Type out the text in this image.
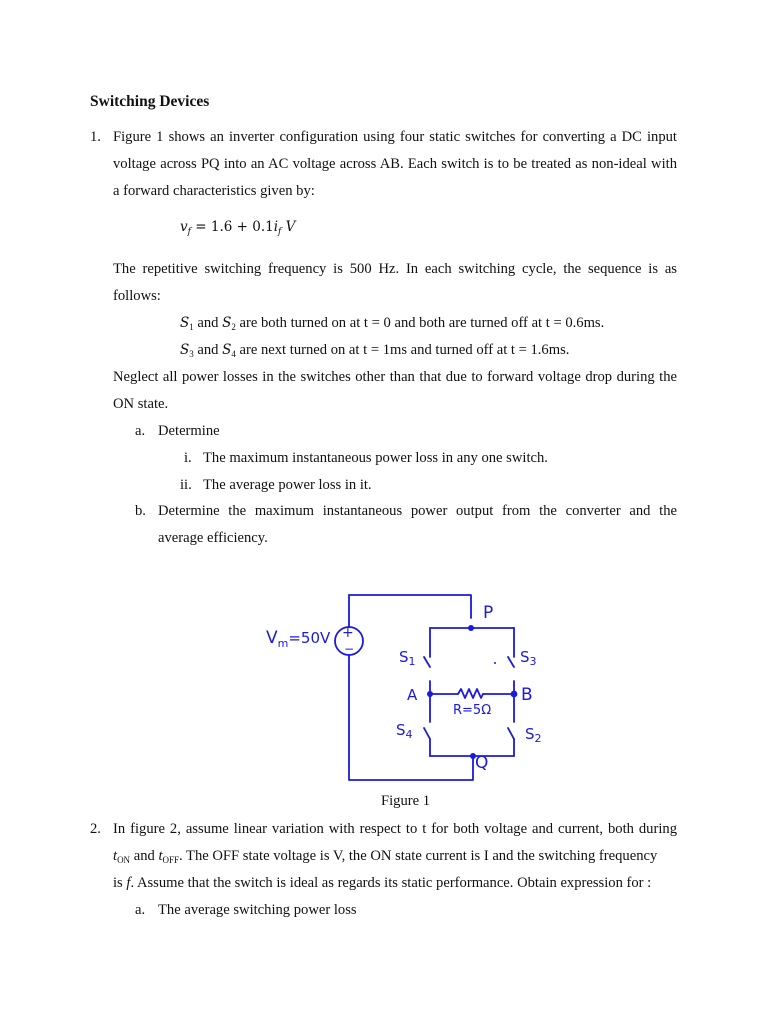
Switching Devices
1. Figure 1 shows an inverter configuration using four static switches for converting a DC input
voltage across PQ into an AC voltage across AB. Each switch is to be treated as non-ideal with
a forward characteristics given by:
$v_f = 1.6 + 0.1i_f$ V
The repetitive switching frequency is 500 Hz. In each switching cycle, the sequence is as
follows:
$S_1$ and $S_2$ are both turned on at t = 0 and both are turned off at t = 0.6ms.
$S_3$ and $S_4$ are next turned on at t = 1ms and turned off at t = 1.6ms.
Neglect all power losses in the switches other than that due to forward voltage drop during the
ON state.
a. Determine
i. The maximum instantaneous power loss in any one switch.
ii. The average power loss in it.
b. Determine the maximum instantaneous power output from the converter and the
average efficiency.
+
−
$V_m=50V$
P
Q
A	B
$S_1$	$S_3$
$S_4$	$S_2$
R=5Ω
Figure 1
2. In figure 2, assume linear variation with respect to t for both voltage and current, both during
$t_{ON}$ and $t_{OFF}$. The OFF state voltage is V, the ON state current is I and the switching frequency
is f. Assume that the switch is ideal as regards its static performance. Obtain expression for :
a. The average switching power loss
